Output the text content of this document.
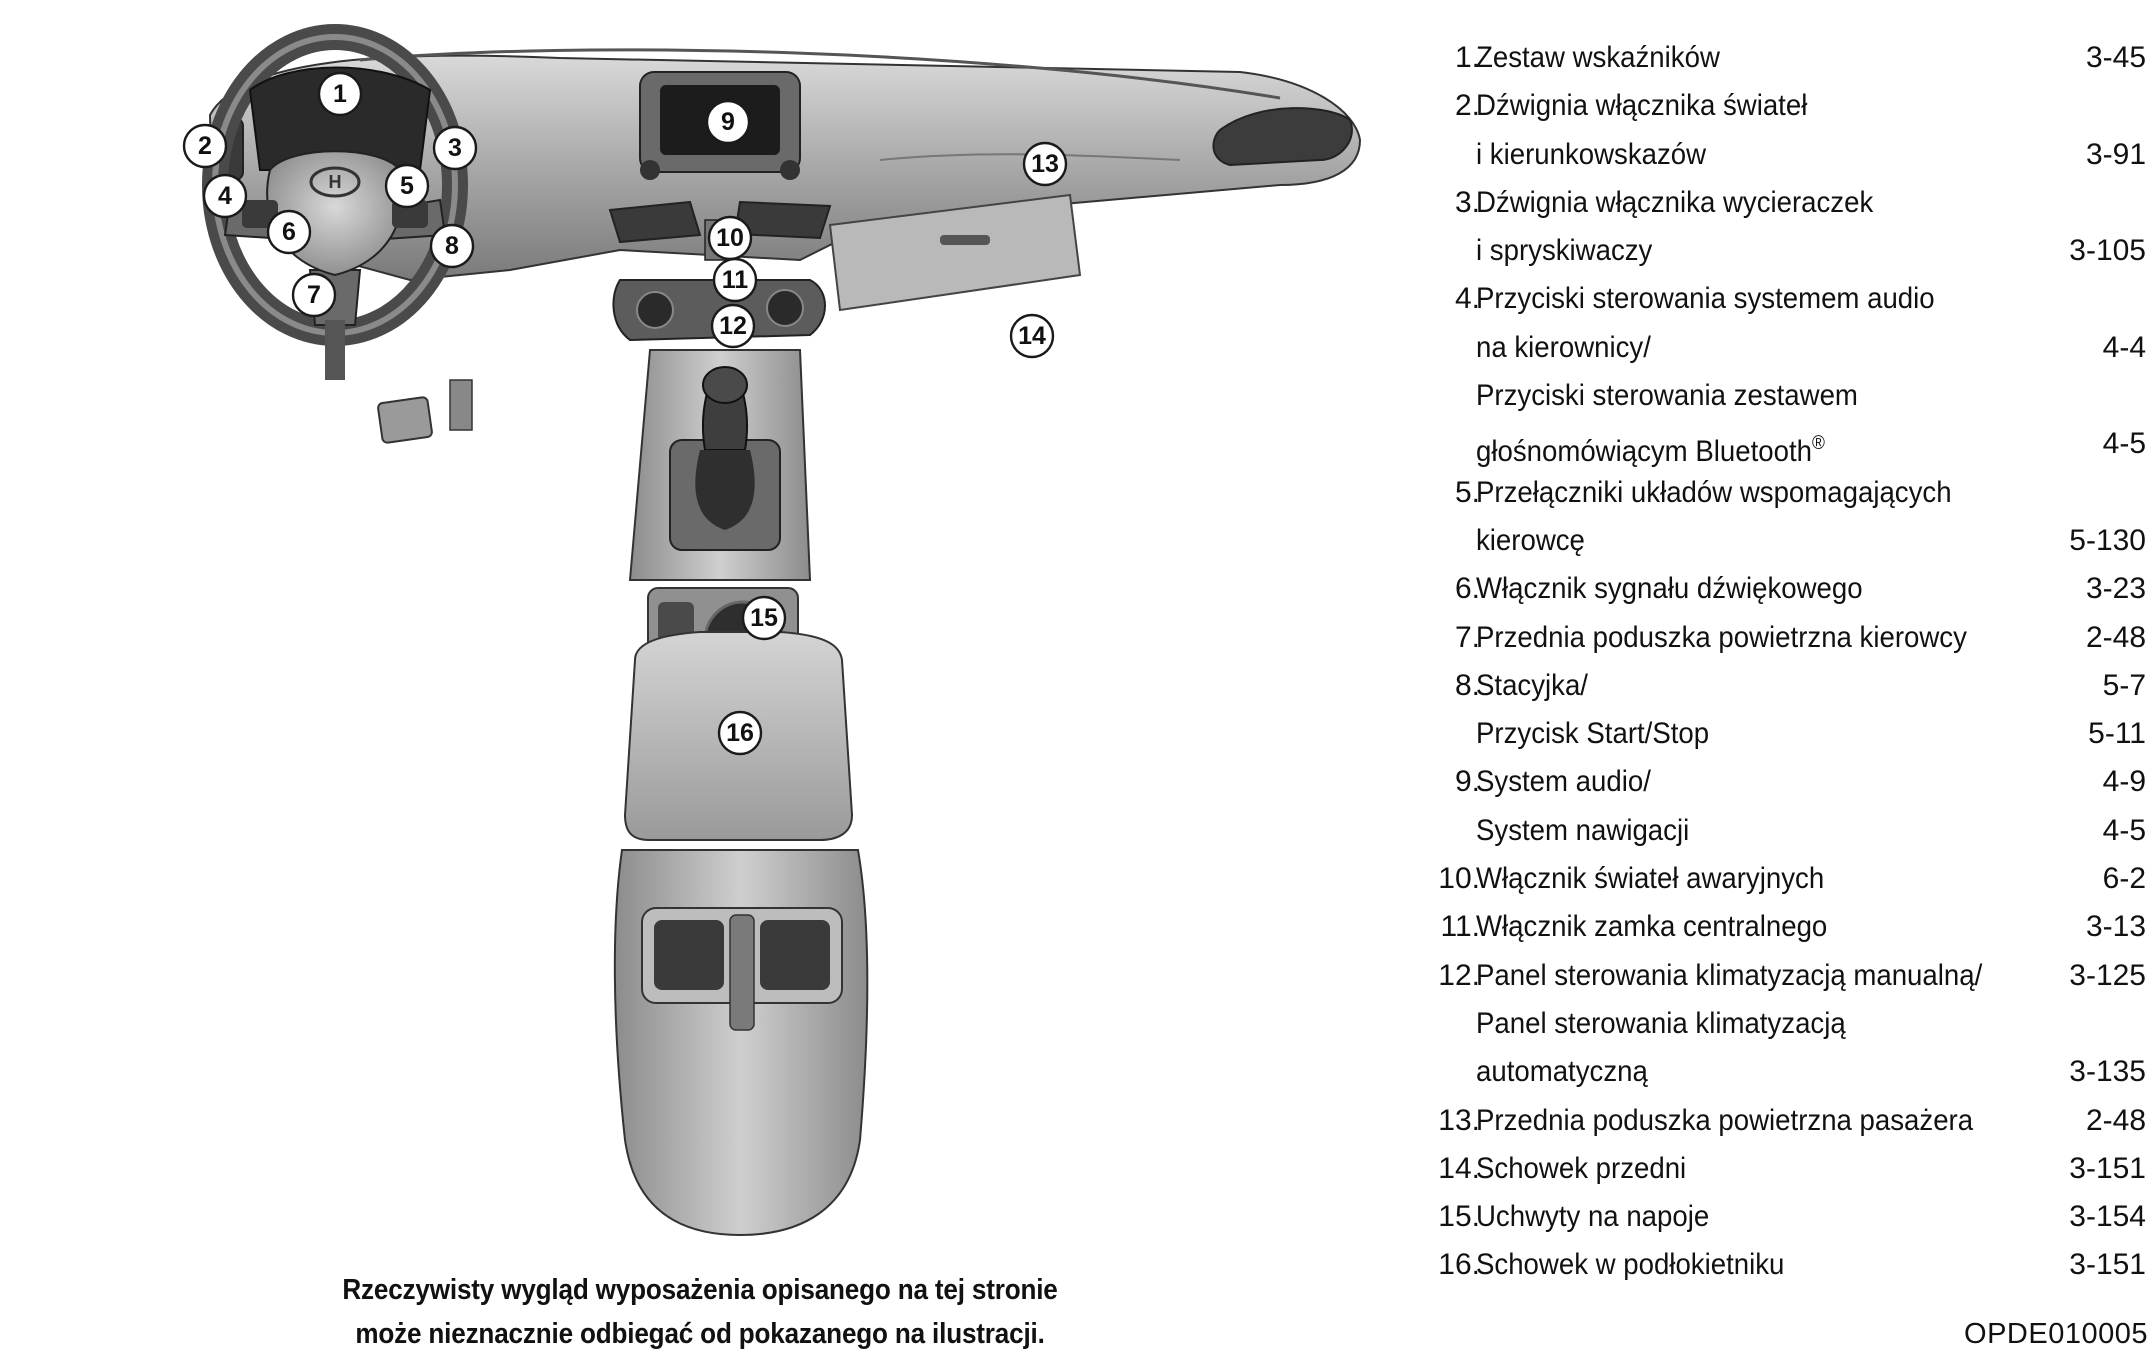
H
1
2	3
4	5
6
7
8
9
10
11
12
13
14
15
16
Rzeczywisty wygląd wyposażenia opisanego na tej stronie
może nieznacznie odbiegać od pokazanego na ilustracji.
1.
Zestaw wskaźników	3-45
2.
Dźwignia włącznika świateł
i kierunkowskazów	3-91
3.
Dźwignia włącznika wycieraczek
i spryskiwaczy	3-105
4.
Przyciski sterowania systemem audio
na kierownicy/	4-4
Przyciski sterowania zestawem
głośnomówiącym Bluetooth®	4-5
5.
Przełączniki układów wspomagających
kierowcę	5-130
6.
Włącznik sygnału dźwiękowego	3-23
7.
Przednia poduszka powietrzna kierowcy	2-48
8.
Stacyjka/	5-7
Przycisk Start/Stop	5-11
9.
System audio/	4-9
System nawigacji	4-5
10.
Włącznik świateł awaryjnych	6-2
11.
Włącznik zamka centralnego	3-13
12.
Panel sterowania klimatyzacją manualną/	3-125
Panel sterowania klimatyzacją
automatyczną	3-135
13.
Przednia poduszka powietrzna pasażera	2-48
14.
Schowek przedni	3-151
15.
Uchwyty na napoje	3-154
16.
Schowek w podłokietniku	3-151
OPDE010005
